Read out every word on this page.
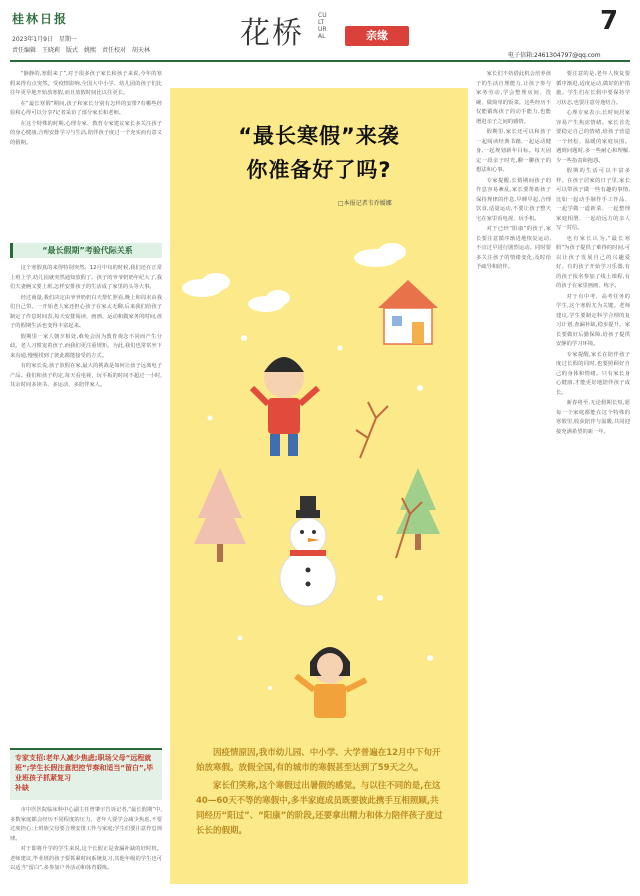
桂林日报
2023年1月9日　星期一
责任编辑　王晓莉　版式　姚熙　责任校对　胡天林	花桥
CULTURAL	亲缘	7
电子信箱:2461304797@qq.com

“静静的,寒假来了”,对于很多孩子家长和孩子来说,今年的寒假来得有点突然。受疫情影响,全国大中小学、幼儿园的孩子们比往年更早地开始放寒假,而且放假时间比以往更长。

在“最长寒假”期间,孩子和家长分别有怎样的安排?有哪些经验和心得可以分享?记者采访了部分家长和老师。

在这个特殊的时期,心理专家、教育专家建议家长多关注孩子的身心健康,合理安排学习与生活,陪伴孩子度过一个充实而有意义的假期。

“最长假期”考验代际关系

这个寒假真的来得特别突然。12月中旬的时候,我们还在正常上班上学,幼儿园就突然通知放假了。孩子的爷爷奶奶年纪大了,我们夫妻俩又要上班,怎样安排孩子的生活成了家里的头等大事。

经过商量,我们决定由爷爷奶奶白天帮忙照看,晚上和周末由我们自己带。一开始老人家还担心孩子在家太无聊,后来我们给孩子制定了作息时间表,每天安排阅读、画画、运动和做家务的时间,孩子的假期生活也变得丰富起来。

假期里一家人朝夕相处,难免会因为教育观念不同而产生分歧。老人习惯宠着孩子,而我们更注重规矩。为此,我们也常常坐下来沟通,慢慢找到了彼此都能接受的方式。

有的家长说,孩子放假在家,最大的挑战是如何让孩子远离电子产品。我们和孩子约定,每天看电视、玩平板的时间不超过一小时,其余时间多读书、多运动、多陪伴家人。

专家支招:老年人减少焦虑;职场父母“远程就班”;学生长假注意把控节奏和适当“留白”,毕业班孩子抓紧复习
补缺

市中医医院临床科中心副主任曾肇宇告诉记者,“最长假期”中,多数家庭都会经历不同程度的压力。老年人要学会减少焦虑,不要过度担心;上班族父母要合理安排工作与家庭;学生们要注意作息规律。

对于即将升学的学生来说,这个长假正是查漏补缺的好时机。老师建议,毕业班的孩子要抓紧时间系统复习,其他年级的学生也可以适当“留白”,多参加户外活动和体育锻炼。

“最长寒假”来袭
你准备好了吗?
□本报记者韦乔媛娜

因疫情原因,我市幼儿园、中小学、大学普遍在12月中下旬开始放寒假。放假全国,有的城市的寒假甚至达到了59天之久。

家长们笑称,这个寒假过出暑假的感觉。与以往不同的是,在这40—60天不等的寒假中,多半家庭成员既要彼此携手互相照顾,共同经历“阳过”、“阳康”的阶段,还要拿出精力和体力陪伴孩子度过长长的假期。

家长们不妨借此机会培养孩子的生活自理能力,让孩子参与家务劳动,学会整理房间、洗碗、做简单的饭菜。这些经历不仅能锻炼孩子的动手能力,也能增进亲子之间的感情。

假期里,家长还可以和孩子一起阅读经典书籍,一起运动健身,一起规划新年目标。每天固定一段亲子时光,聊一聊孩子的想法和心事。

专家提醒,长假期间孩子的作息容易紊乱,家长要帮助孩子保持规律的作息,早睡早起,合理饮食,适量运动,不要让孩子整天宅在家里看电视、玩手机。

对于已经“阳康”的孩子,家长要注意循序渐进地恢复运动,不宜过早进行剧烈运动。同时要多关注孩子的情绪变化,及时给予疏导和陪伴。

要注意的是,老年人恢复要循序渐进,适度运动,做好防护措施。学生们在长假中要保持学习状态,也要注意劳逸结合。

心理专家表示,长时间居家容易产生焦虑情绪。家长首先要稳定自己的情绪,给孩子营造一个轻松、温暖的家庭氛围。遇到问题时,多一些耐心和理解,少一些指责和抱怨。

假期的生活可以丰富多样。在孩子居家的日子里,家长可以带孩子做一些有趣的事情,比如一起动手制作手工作品、一起学做一道新菜、一起整理家庭相册、一起给远方的亲人写一封信。

也有家长认为,“最长寒假”为孩子提供了难得的时间,可以让孩子发展自己的兴趣爱好。有的孩子开始学习乐器,有的孩子报名参加了线上课程,有的孩子在家里画画、练字。

对于有中考、高考任务的学生,这个寒假尤为关键。老师建议,学生要制定科学合理的复习计划,查漏补缺,稳步提升。家长要做好后勤保障,给孩子提供安静的学习环境。

专家提醒,家长在陪伴孩子度过长假的同时,也要照顾好自己的身体和情绪。只有家长身心健康,才能更好地陪伴孩子成长。

新春将至,无论假期长短,愿每一个家庭都能在这个特殊的寒假里,收获陪伴与温暖,共同迎接充满希望的新一年。
